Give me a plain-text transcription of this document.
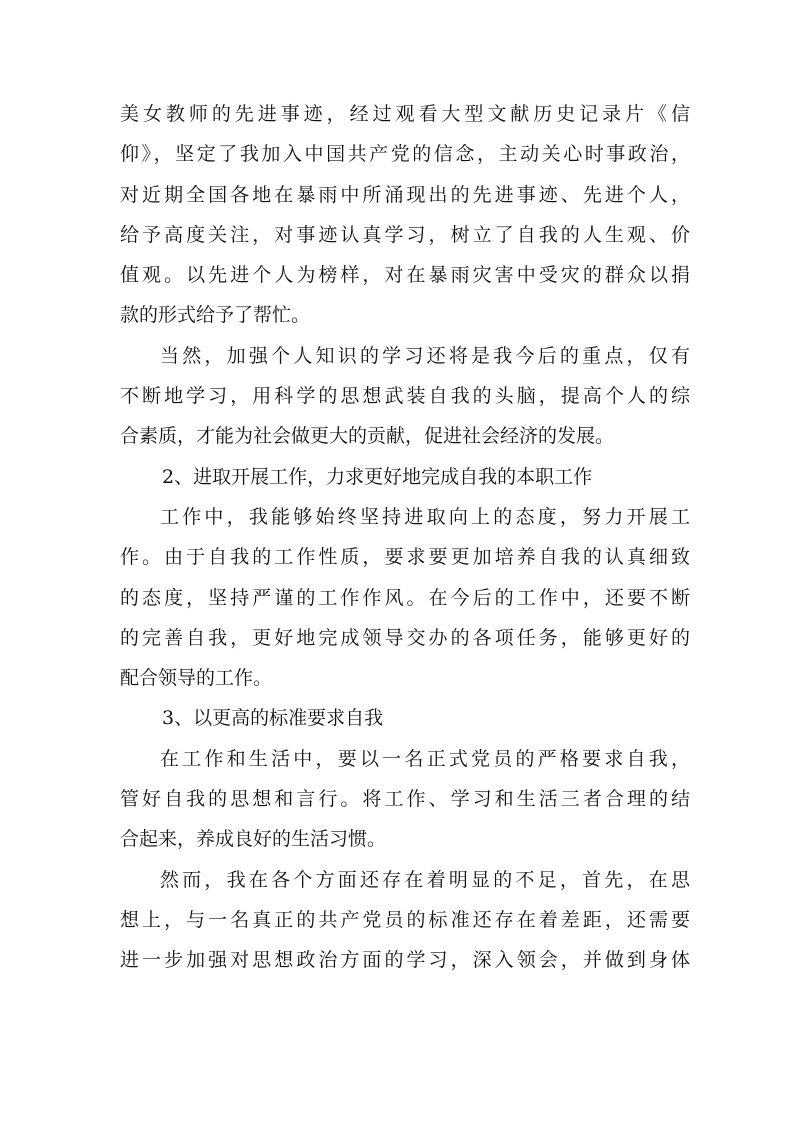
美女教师的先进事迹，经过观看大型文献历史记录片《信
仰》，坚定了我加入中国共产党的信念，主动关心时事政治，
对近期全国各地在暴雨中所涌现出的先进事迹、先进个人，
给予高度关注，对事迹认真学习，树立了自我的人生观、价
值观。以先进个人为榜样，对在暴雨灾害中受灾的群众以捐
款的形式给予了帮忙。
当然，加强个人知识的学习还将是我今后的重点，仅有
不断地学习，用科学的思想武装自我的头脑，提高个人的综
合素质，才能为社会做更大的贡献，促进社会经济的发展。
2、进取开展工作，力求更好地完成自我的本职工作
工作中，我能够始终坚持进取向上的态度，努力开展工
作。由于自我的工作性质，要求要更加培养自我的认真细致
的态度，坚持严谨的工作作风。在今后的工作中，还要不断
的完善自我，更好地完成领导交办的各项任务，能够更好的
配合领导的工作。
3、以更高的标准要求自我
在工作和生活中，要以一名正式党员的严格要求自我，
管好自我的思想和言行。将工作、学习和生活三者合理的结
合起来，养成良好的生活习惯。
然而，我在各个方面还存在着明显的不足，首先，在思
想上，与一名真正的共产党员的标准还存在着差距，还需要
进一步加强对思想政治方面的学习，深入领会，并做到身体
